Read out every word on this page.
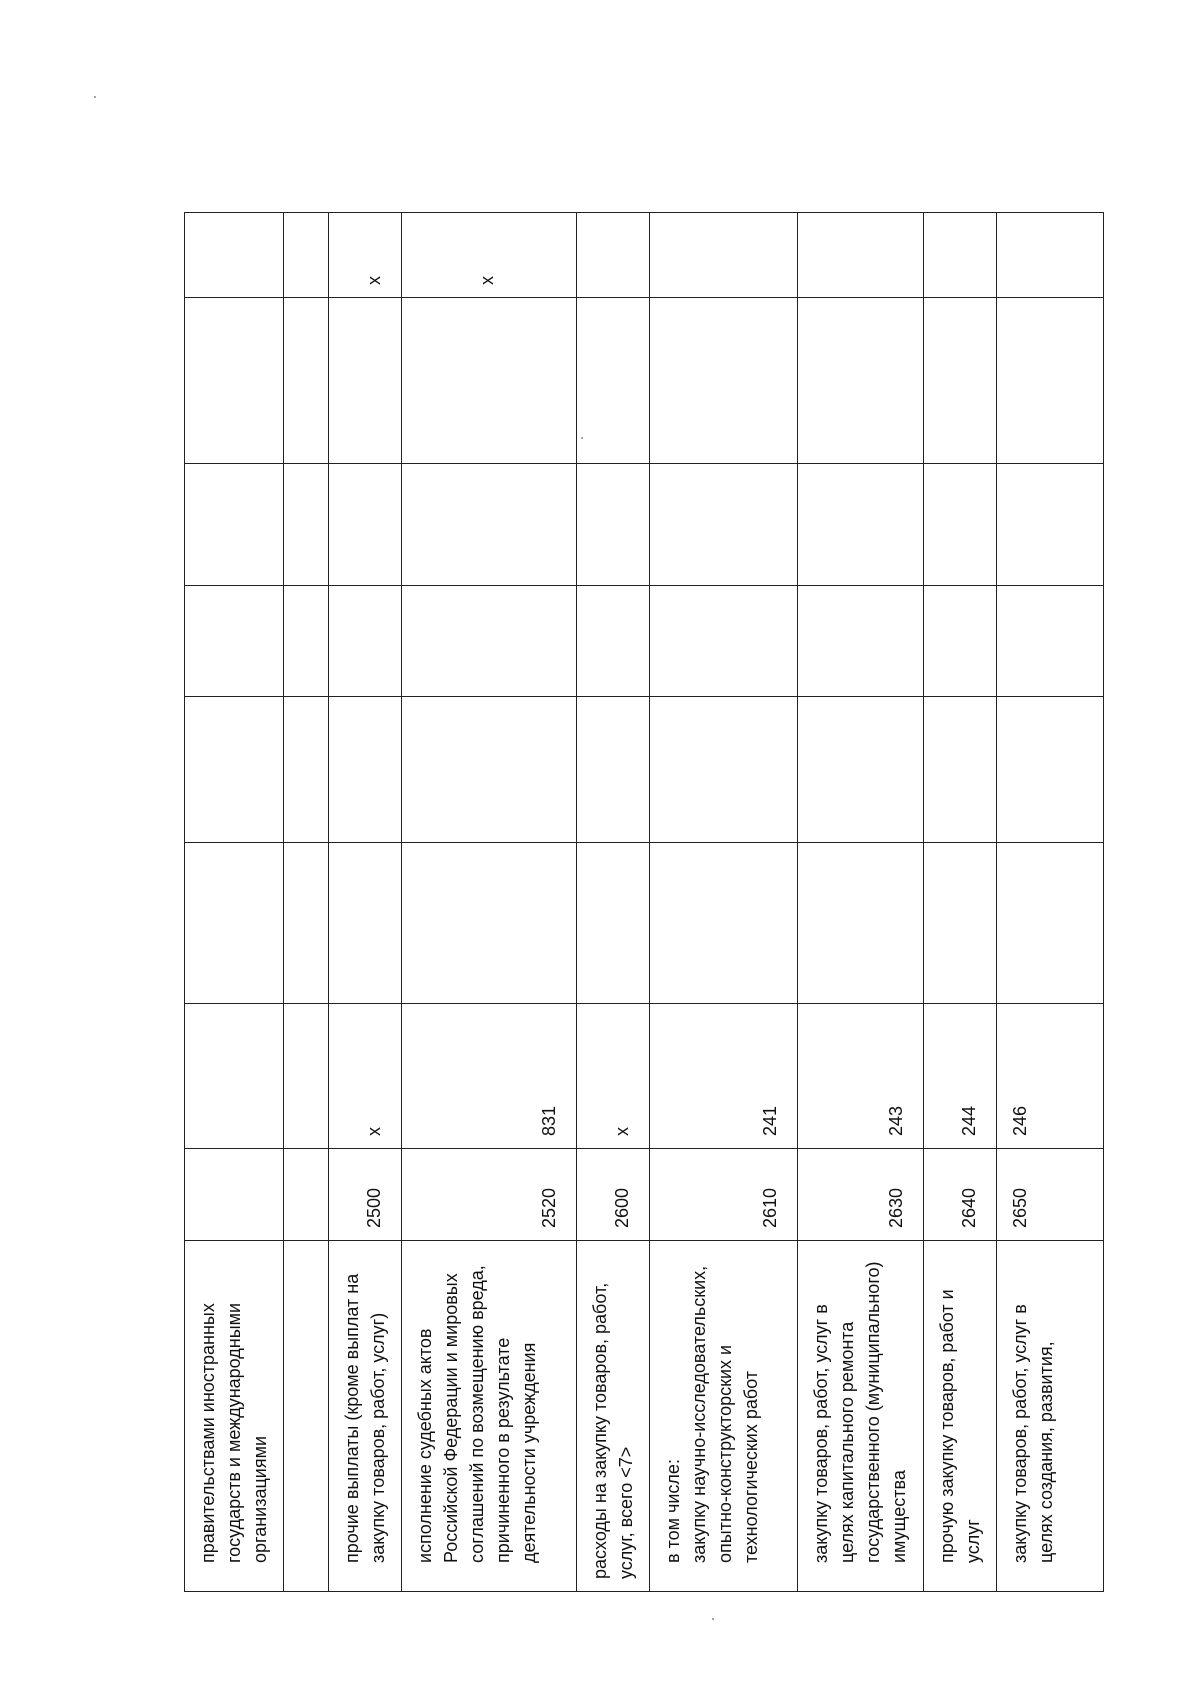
правительствами иностранных государств и международными организациями								

прочие выплаты (кроме выплат на закупку товаров, работ, услуг)	2500	x						x
исполнение судебных актов Российской Федерации и мировых соглашений по возмещению вреда, причиненного в результате деятельности учреждения	2520	831						x
расходы на закупку товаров, работ, услуг, всего <7>	2600	x						

в том числе: закупку научно-исследовательских, опытно-конструкторских и технологических работ	2610	241						
закупку товаров, работ, услуг в целях капитального ремонта государственного (муниципального) имущества	2630	243						
прочую закупку товаров, работ и услуг	2640	244						
закупку товаров, работ, услуг в целях создания, развития,	2650	246						
